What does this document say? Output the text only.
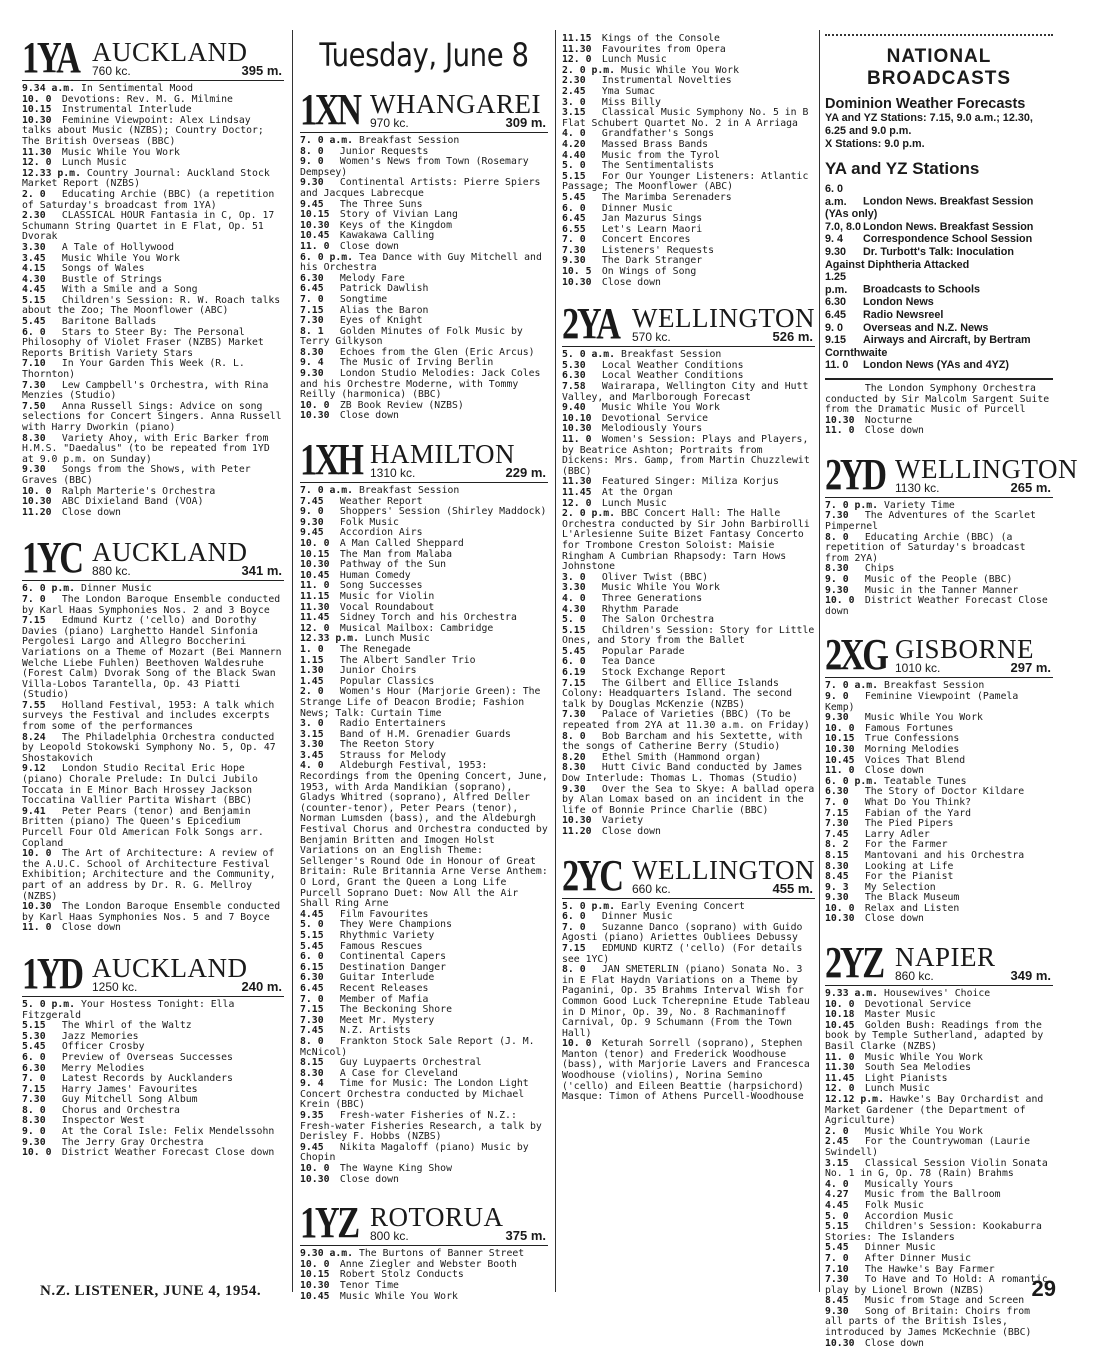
1YA AUCKLAND
760 kc.	395 m.
9.34 a.m. In Sentimental Mood
10. 0 Devotions: Rev. M. G. Milmine
10.15 Instrumental Interlude
10.30 Feminine Viewpoint: Alex Lindsay talks about Music (NZBS); Country Doctor; The British Overseas (BBC)
11.30 Music While You Work
12. 0 Lunch Music
12.33 p.m. Country Journal: Auckland Stock Market Report (NZBS)
2. 0 Educating Archie (BBC) (a repetition of Saturday's broadcast from 1YA)
2.30 CLASSICAL HOUR Fantasia in C, Op. 17 Schumann String Quartet in E Flat, Op. 51 Dvorak
3.30 A Tale of Hollywood
3.45 Music While You Work
4.15 Songs of Wales
4.30 Bustle of Strings
4.45 With a Smile and a Song
5.15 Children's Session: R. W. Roach talks about the Zoo; The Moonflower (ABC)
5.45 Baritone Ballads
6. 0 Stars to Steer By: The Personal Philosophy of Violet Fraser (NZBS) Market Reports British Variety Stars
7.10 In Your Garden This Week (R. L. Thornton)
7.30 Lew Campbell's Orchestra, with Rina Menzies (Studio)
7.50 Anna Russell Sings: Advice on song selections for Concert Singers. Anna Russell with Harry Dworkin (piano)
8.30 Variety Ahoy, with Eric Barker from H.M.S. "Daedalus" (to be repeated from 1YD at 9.0 p.m. on Sunday)
9.30 Songs from the Shows, with Peter Graves (BBC)
10. 0 Ralph Marterie's Orchestra
10.30 ABC Dixieland Band (VOA)
11.20 Close down
1YC AUCKLAND
880 kc.	341 m.
6. 0 p.m. Dinner Music
7. 0 The London Baroque Ensemble conducted by Karl Haas Symphonies Nos. 2 and 3 Boyce
7.15 Edmund Kurtz ('cello) and Dorothy Davies (piano) Larghetto Handel Sinfonia Pergolesi Largo and Allegro Boccherini Variations on a Theme of Mozart (Bei Mannern Welche Liebe Fuhlen) Beethoven Waldesruhe (Forest Calm) Dvorak Song of the Black Swan Villa-Lobos Tarantella, Op. 43 Piatti (Studio)
7.55 Holland Festival, 1953: A talk which surveys the Festival and includes excerpts from some of the performances
8.24 The Philadelphia Orchestra conducted by Leopold Stokowski Symphony No. 5, Op. 47 Shostakovich
9.12 London Studio Recital Eric Hope (piano) Chorale Prelude: In Dulci Jubilo Toccata in E Minor Bach Hrossey Jackson Toccatina Vallier Partita Wishart (BBC)
9.41 Peter Pears (tenor) and Benjamin Britten (piano) The Queen's Epicedium Purcell Four Old American Folk Songs arr. Copland
10. 0 The Art of Architecture: A review of the A.U.C. School of Architecture Festival Exhibition; Architecture and the Community, part of an address by Dr. R. G. Mellroy (NZBS)
10.30 The London Baroque Ensemble conducted by Karl Haas Symphonies Nos. 5 and 7 Boyce
11. 0 Close down
1YD AUCKLAND
1250 kc.	240 m.
5. 0 p.m. Your Hostess Tonight: Ella Fitzgerald
5.15 The Whirl of the Waltz
5.30 Jazz Memories
5.45 Officer Crosby
6. 0 Preview of Overseas Successes
6.30 Merry Melodies
7. 0 Latest Records by Aucklanders
7.15 Harry James' Favourites
7.30 Guy Mitchell Song Album
8. 0 Chorus and Orchestra
8.30 Inspector West
9. 0 At the Coral Isle: Felix Mendelssohn
9.30 The Jerry Gray Orchestra
10. 0 District Weather Forecast Close down
Tuesday, June 8
1XN WHANGAREI
970 kc.	309 m.
7. 0 a.m. Breakfast Session
8. 0 Junior Requests
9. 0 Women's News from Town (Rosemary Dempsey)
9.30 Continental Artists: Pierre Spiers and Jacques Labrecque
9.45 The Three Suns
10.15 Story of Vivian Lang
10.30 Keys of the Kingdom
10.45 Kawakawa Calling
11. 0 Close down
6. 0 p.m. Tea Dance with Guy Mitchell and his Orchestra
6.30 Melody Fare
6.45 Patrick Dawlish
7. 0 Songtime
7.15 Alias the Baron
7.30 Eyes of Knight
8. 1 Golden Minutes of Folk Music by Terry Gilkyson
8.30 Echoes from the Glen (Eric Arcus)
9. 4 The Music of Irving Berlin
9.30 London Studio Melodies: Jack Coles and his Orchestre Moderne, with Tommy Reilly (harmonica) (BBC)
10. 0 ZB Book Review (NZBS)
10.30 Close down
1XH HAMILTON
1310 kc.	229 m.
7. 0 a.m. Breakfast Session
7.45 Weather Report
9. 0 Shoppers' Session (Shirley Maddock)
9.30 Folk Music
9.45 Accordion Airs
10. 0 A Man Called Sheppard
10.15 The Man from Malaba
10.30 Pathway of the Sun
10.45 Human Comedy
11. 0 Song Successes
11.15 Music for Violin
11.30 Vocal Roundabout
11.45 Sidney Torch and his Orchestra
12. 0 Musical Mailbox: Cambridge
12.33 p.m. Lunch Music
1. 0 The Renegade
1.15 The Albert Sandler Trio
1.30 Junior Choirs
1.45 Popular Classics
2. 0 Women's Hour (Marjorie Green): The Strange Life of Deacon Brodie; Fashion News; Talk: Curtain Time
3. 0 Radio Entertainers
3.15 Band of H.M. Grenadier Guards
3.30 The Reeton Story
3.45 Strauss for Melody
4. 0 Aldeburgh Festival, 1953: Recordings from the Opening Concert, June, 1953, with Arda Mandikian (soprano), Gladys Whitred (soprano), Alfred Deller (counter-tenor), Peter Pears (tenor), Norman Lumsden (bass), and the Aldeburgh Festival Chorus and Orchestra conducted by Benjamin Britten and Imogen Holst Variations on an English Theme: Sellenger's Round Ode in Honour of Great Britain: Rule Britannia Arne Verse Anthem: O Lord, Grant the Queen a Long Life Purcell Soprano Duet: Now All the Air Shall Ring Arne
4.45 Film Favourites
5. 0 They Were Champions
5.15 Rhythmic Variety
5.45 Famous Rescues
6. 0 Continental Capers
6.15 Destination Danger
6.30 Guitar Interlude
6.45 Recent Releases
7. 0 Member of Mafia
7.15 The Beckoning Shore
7.30 Meet Mr. Mystery
7.45 N.Z. Artists
8. 0 Frankton Stock Sale Report (J. M. McNicol)
8.15 Guy Luypaerts Orchestral
8.30 A Case for Cleveland
9. 4 Time for Music: The London Light Concert Orchestra conducted by Michael Krein (BBC)
9.35 Fresh-water Fisheries of N.Z.: Fresh-water Fisheries Research, a talk by Derisley F. Hobbs (NZBS)
9.45 Nikita Magaloff (piano) Music by Chopin
10. 0 The Wayne King Show
10.30 Close down
1YZ ROTORUA
800 kc.	375 m.
9.30 a.m. The Burtons of Banner Street
10. 0 Anne Ziegler and Webster Booth
10.15 Robert Stolz Conducts
10.30 Tenor Time
10.45 Music While You Work
11.15 Kings of the Console
11.30 Favourites from Opera
12. 0 Lunch Music
2. 0 p.m. Music While You Work
2.30 Instrumental Novelties
2.45 Yma Sumac
3. 0 Miss Billy
3.15 Classical Music Symphony No. 5 in B Flat Schubert Quartet No. 2 in A Arriaga
4. 0 Grandfather's Songs
4.20 Massed Brass Bands
4.40 Music from the Tyrol
5. 0 The Sentimentalists
5.15 For Our Younger Listeners: Atlantic Passage; The Moonflower (ABC)
5.45 The Marimba Serenaders
6. 0 Dinner Music
6.45 Jan Mazurus Sings
6.55 Let's Learn Maori
7. 0 Concert Encores
7.30 Listeners' Requests
9.30 The Dark Stranger
10. 5 On Wings of Song
10.30 Close down
2YA WELLINGTON
570 kc.	526 m.
5. 0 a.m. Breakfast Session
5.30 Local Weather Conditions
6.30 Local Weather Conditions
7.58 Wairarapa, Wellington City and Hutt Valley, and Marlborough Forecast
9.40 Music While You Work
10.10 Devotional Service
10.30 Melodiously Yours
11. 0 Women's Session: Plays and Players, by Beatrice Ashton; Portraits from Dickens: Mrs. Gamp, from Martin Chuzzlewit (BBC)
11.30 Featured Singer: Miliza Korjus
11.45 At the Organ
12. 0 Lunch Music
2. 0 p.m. BBC Concert Hall: The Halle Orchestra conducted by Sir John Barbirolli L'Arlesienne Suite Bizet Fantasy Concerto for Trombone Creston Soloist: Maisie Ringham A Cumbrian Rhapsody: Tarn Hows Johnstone
3. 0 Oliver Twist (BBC)
3.30 Music While You Work
4. 0 Three Generations
4.30 Rhythm Parade
5. 0 The Salon Orchestra
5.15 Children's Session: Story for Little Ones, and Story from the Ballet
5.45 Popular Parade
6. 0 Tea Dance
6.19 Stock Exchange Report
7.15 The Gilbert and Ellice Islands Colony: Headquarters Island. The second talk by Douglas McKenzie (NZBS)
7.30 Palace of Varieties (BBC) (To be repeated from 2YA at 11.30 a.m. on Friday)
8. 0 Bob Barcham and his Sextette, with the songs of Catherine Berry (Studio)
8.20 Ethel Smith (Hammond organ)
8.30 Hutt Civic Band conducted by James Dow Interlude: Thomas L. Thomas (Studio)
9.30 Over the Sea to Skye: A ballad opera by Alan Lomax based on an incident in the life of Bonnie Prince Charlie (BBC)
10.30 Variety
11.20 Close down
2YC WELLINGTON
660 kc.	455 m.
5. 0 p.m. Early Evening Concert
6. 0 Dinner Music
7. 0 Suzanne Danco (soprano) with Guido Agosti (piano) Ariettes Oubliees Debussy
7.15 EDMUND KURTZ ('cello) (For details see 1YC)
8. 0 JAN SMETERLIN (piano) Sonata No. 3 in E Flat Haydn Variations on a Theme by Paganini, Op. 35 Brahms Interval Wish for Common Good Luck Tcherepnine Etude Tableau in D Minor, Op. 39, No. 8 Rachmaninoff Carnival, Op. 9 Schumann (From the Town Hall)
10. 0 Keturah Sorrell (soprano), Stephen Manton (tenor) and Frederick Woodhouse (bass), with Marjorie Lavers and Francesca Woodhouse (violins), Norina Semino ('cello) and Eileen Beattie (harpsichord) Masque: Timon of Athens Purcell-Woodhouse
NATIONAL BROADCASTS
Dominion Weather Forecasts
YA and YZ Stations: 7.15, 9.0 a.m.; 12.30, 6.25 and 9.0 p.m.
X Stations: 9.0 p.m.
YA and YZ Stations
6. 0 a.m. London News. Breakfast Session (YAs only)
7.0, 8.0 London News. Breakfast Session
9. 4 Correspondence School Session
9.30 Dr. Turbott's Talk: Inoculation Against Diphtheria Attacked
1.25 p.m. Broadcasts to Schools
6.30 London News
6.45 Radio Newsreel
9. 0 Overseas and N.Z. News
9.15 Airways and Aircraft, by Bertram Cornthwaite
11. 0 London News (YAs and 4YZ)
The London Symphony Orchestra conducted by Sir Malcolm Sargent Suite from the Dramatic Music of Purcell
10.30 Nocturne
11. 0 Close down
2YD WELLINGTON
1130 kc.	265 m.
7. 0 p.m. Variety Time
7.30 The Adventures of the Scarlet Pimpernel
8. 0 Educating Archie (BBC) (a repetition of Saturday's broadcast from 2YA)
8.30 Chips
9. 0 Music of the People (BBC)
9.30 Music in the Tanner Manner
10. 0 District Weather Forecast Close down
2XG GISBORNE
1010 kc.	297 m.
7. 0 a.m. Breakfast Session
9. 0 Feminine Viewpoint (Pamela Kemp)
9.30 Music While You Work
10. 0 Famous Fortunes
10.15 True Confessions
10.30 Morning Melodies
10.45 Voices That Blend
11. 0 Close down
6. 0 p.m. Teatable Tunes
6.30 The Story of Doctor Kildare
7. 0 What Do You Think?
7.15 Fabian of the Yard
7.30 The Pied Pipers
7.45 Larry Adler
8. 2 For the Farmer
8.15 Mantovani and his Orchestra
8.30 Looking at Life
8.45 For the Pianist
9. 3 My Selection
9.30 The Black Museum
10. 0 Relax and Listen
10.30 Close down
2YZ NAPIER
860 kc.	349 m.
9.33 a.m. Housewives' Choice
10. 0 Devotional Service
10.18 Master Music
10.45 Golden Bush: Readings from the book by Temple Sutherland, adapted by Basil Clarke (NZBS)
11. 0 Music While You Work
11.30 South Sea Melodies
11.45 Light Pianists
12. 0 Lunch Music
12.12 p.m. Hawke's Bay Orchardist and Market Gardener (the Department of Agriculture)
2. 0 Music While You Work
2.45 For the Countrywoman (Laurie Swindell)
3.15 Classical Session Violin Sonata No. 1 in G, Op. 78 (Rain) Brahms
4. 0 Musically Yours
4.27 Music from the Ballroom
4.45 Folk Music
5. 0 Accordion Music
5.15 Children's Session: Kookaburra Stories: The Islanders
5.45 Dinner Music
7. 0 After Dinner Music
7.10 The Hawke's Bay Farmer
7.30 To Have and To Hold: A romantic play by Lionel Brown (NZBS)
8.45 Music from Stage and Screen
9.30 Song of Britain: Choirs from all parts of the British Isles, introduced by James McKechnie (BBC)
10.30 Close down
N.Z. LISTENER, JUNE 4, 1954.	29
